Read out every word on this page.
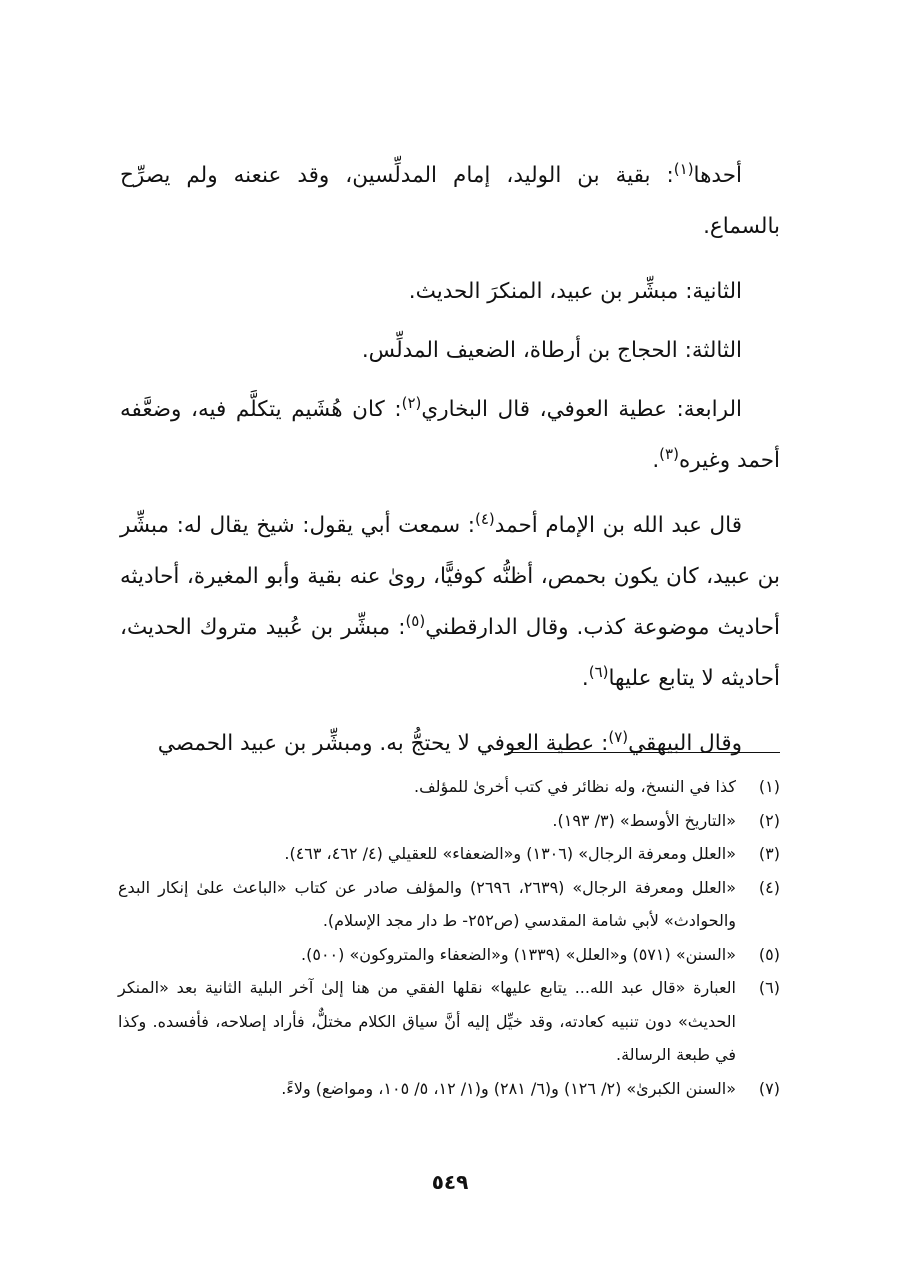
أحدها$^{(١)}$: بقية بن الوليد، إمام المدلِّسين، وقد عنعنه ولم يصرِّح بالسماع.

الثانية: مبشِّر بن عبيد، المنكرَ الحديث.

الثالثة: الحجاج بن أرطاة، الضعيف المدلِّس.

الرابعة: عطية العوفي، قال البخاري$^{(٢)}$: كان هُشَيم يتكلَّم فيه، وضعَّفه أحمد وغيره$^{(٣)}$.

قال عبد الله بن الإمام أحمد$^{(٤)}$: سمعت أبي يقول: شيخ يقال له: مبشِّر بن عبيد، كان يكون بحمص، أظنُّه كوفيًّا، روىٰ عنه بقية وأبو المغيرة، أحاديثه أحاديث موضوعة كذب. وقال الدارقطني$^{(٥)}$: مبشِّر بن عُبيد متروك الحديث، أحاديثه لا يتابع عليها$^{(٦)}$.

وقال البيهقي$^{(٧)}$: عطية العوفي لا يحتجُّ به. ومبشِّر بن عبيد الحمصي

(١)
كذا في النسخ، وله نظائر في كتب أخرىٰ للمؤلف.
(٢)
«التاريخ الأوسط» (٣/ ١٩٣).
(٣)
«العلل ومعرفة الرجال» (١٣٠٦) و«الضعفاء» للعقيلي (٤/ ٤٦٢، ٤٦٣).
(٤)
«العلل ومعرفة الرجال» (٢٦٣٩، ٢٦٩٦) والمؤلف صادر عن كتاب «الباعث علىٰ إنكار البدع والحوادث» لأبي شامة المقدسي (ص٢٥٢- ط دار مجد الإسلام).
(٥)
«السنن» (٥٧١) و«العلل» (١٣٣٩) و«الضعفاء والمتروكون» (٥٠٠).
(٦)
العبارة «قال عبد الله... يتابع عليها» نقلها الفقي من هنا إلىٰ آخر البلية الثانية بعد «المنكر الحديث» دون تنبيه كعادته، وقد خيِّل إليه أنَّ سياق الكلام مختلٌّ، فأراد إصلاحه، فأفسده. وكذا في طبعة الرسالة.
(٧)
«السنن الكبرىٰ» (٢/ ١٢٦) و(٦/ ٢٨١) و(١/ ١٢، ٥/ ١٠٥، ومواضع) ولاءً.
٥٤٩
